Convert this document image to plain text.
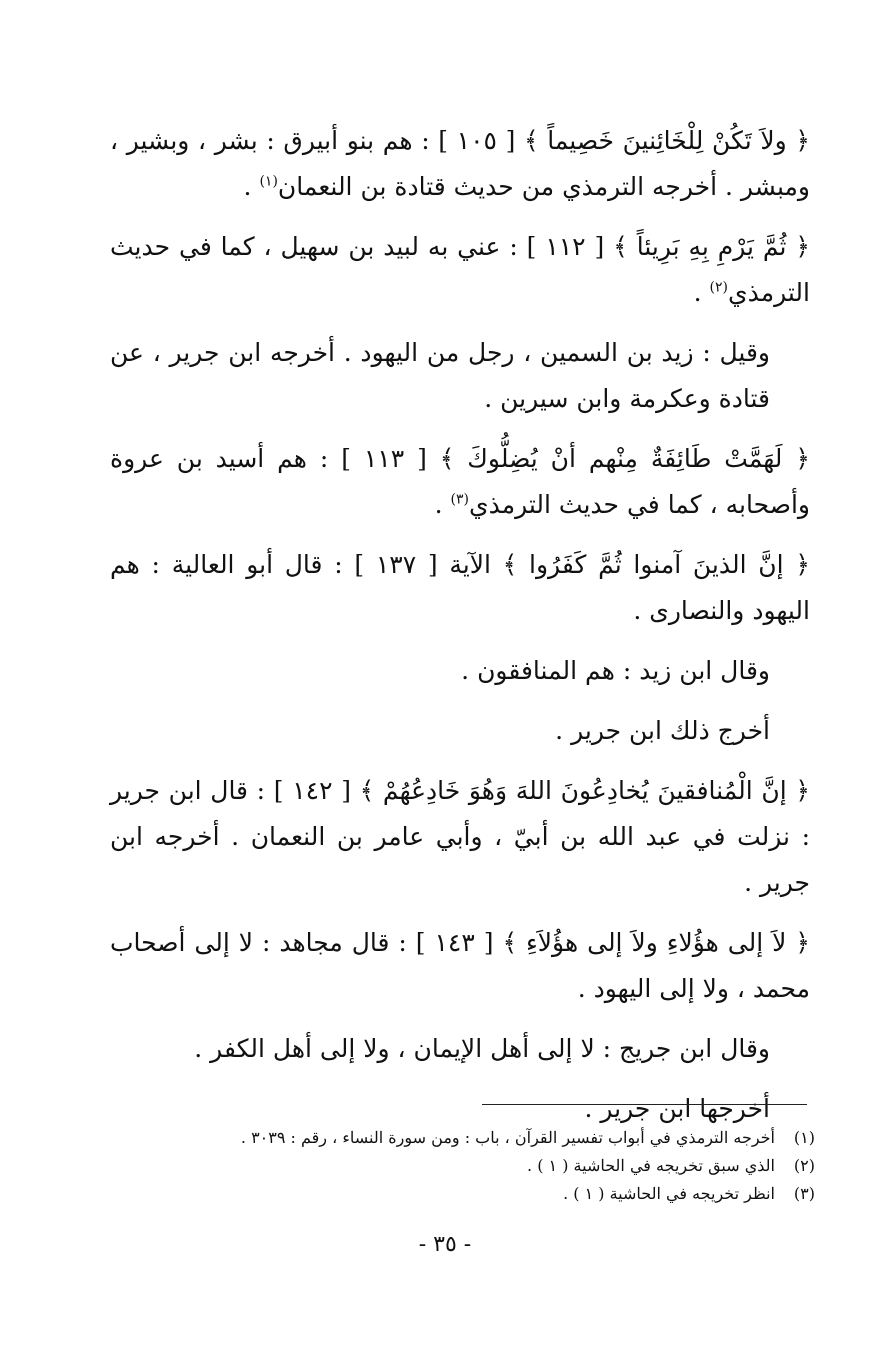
﴿ ولاَ تَكُنْ لِلْخَائِنينَ خَصِيماً ﴾ [ ١٠٥ ] : هم بنو أبيرق : بشر ، وبشير ، ومبشر . أخرجه الترمذي من حديث قتادة بن النعمان$^{(١)}$ .

﴿ ثُمَّ يَرْمِ بِهِ بَرِيئاً ﴾ [ ١١٢ ] : عني به لبيد بن سهيل ، كما في حديث الترمذي$^{(٢)}$ .

وقيل : زيد بن السمين ، رجل من اليهود . أخرجه ابن جرير ، عن قتادة وعكرمة وابن سيرين .

﴿ لَهَمَّتْ طَائِفَةٌ مِنْهم أنْ يُضِلُّوكَ ﴾ [ ١١٣ ] : هم أسيد بن عروة وأصحابه ، كما في حديث الترمذي$^{(٣)}$ .

﴿ إنَّ الذينَ آمنوا ثُمَّ كَفَرُوا ﴾ الآية [ ١٣٧ ] : قال أبو العالية : هم اليهود والنصارى .

وقال ابن زيد : هم المنافقون .

أخرج ذلك ابن جرير .

﴿ إنَّ الْمُنافقينَ يُخادِعُونَ اللهَ وَهُوَ خَادِعُهُمْ ﴾ [ ١٤٢ ] : قال ابن جرير : نزلت في عبد الله بن أبيّ ، وأبي عامر بن النعمان . أخرجه ابن جرير .

﴿ لاَ إلى هؤُلاءِ ولاَ إلى هؤُلاَءِ ﴾ [ ١٤٣ ] : قال مجاهد : لا إلى أصحاب محمد ، ولا إلى اليهود .

وقال ابن جريج : لا إلى أهل الإيمان ، ولا إلى أهل الكفر .

أخرجها ابن جرير .

(١)
أخرجه الترمذي في أبواب تفسير القرآن ، باب : ومن سورة النساء ، رقم : ٣٠٣٩ .
(٢)
الذي سبق تخريجه في الحاشية ( ١ ) .
(٣)
انظر تخريجه في الحاشية ( ١ ) .
- ٣٥ -
